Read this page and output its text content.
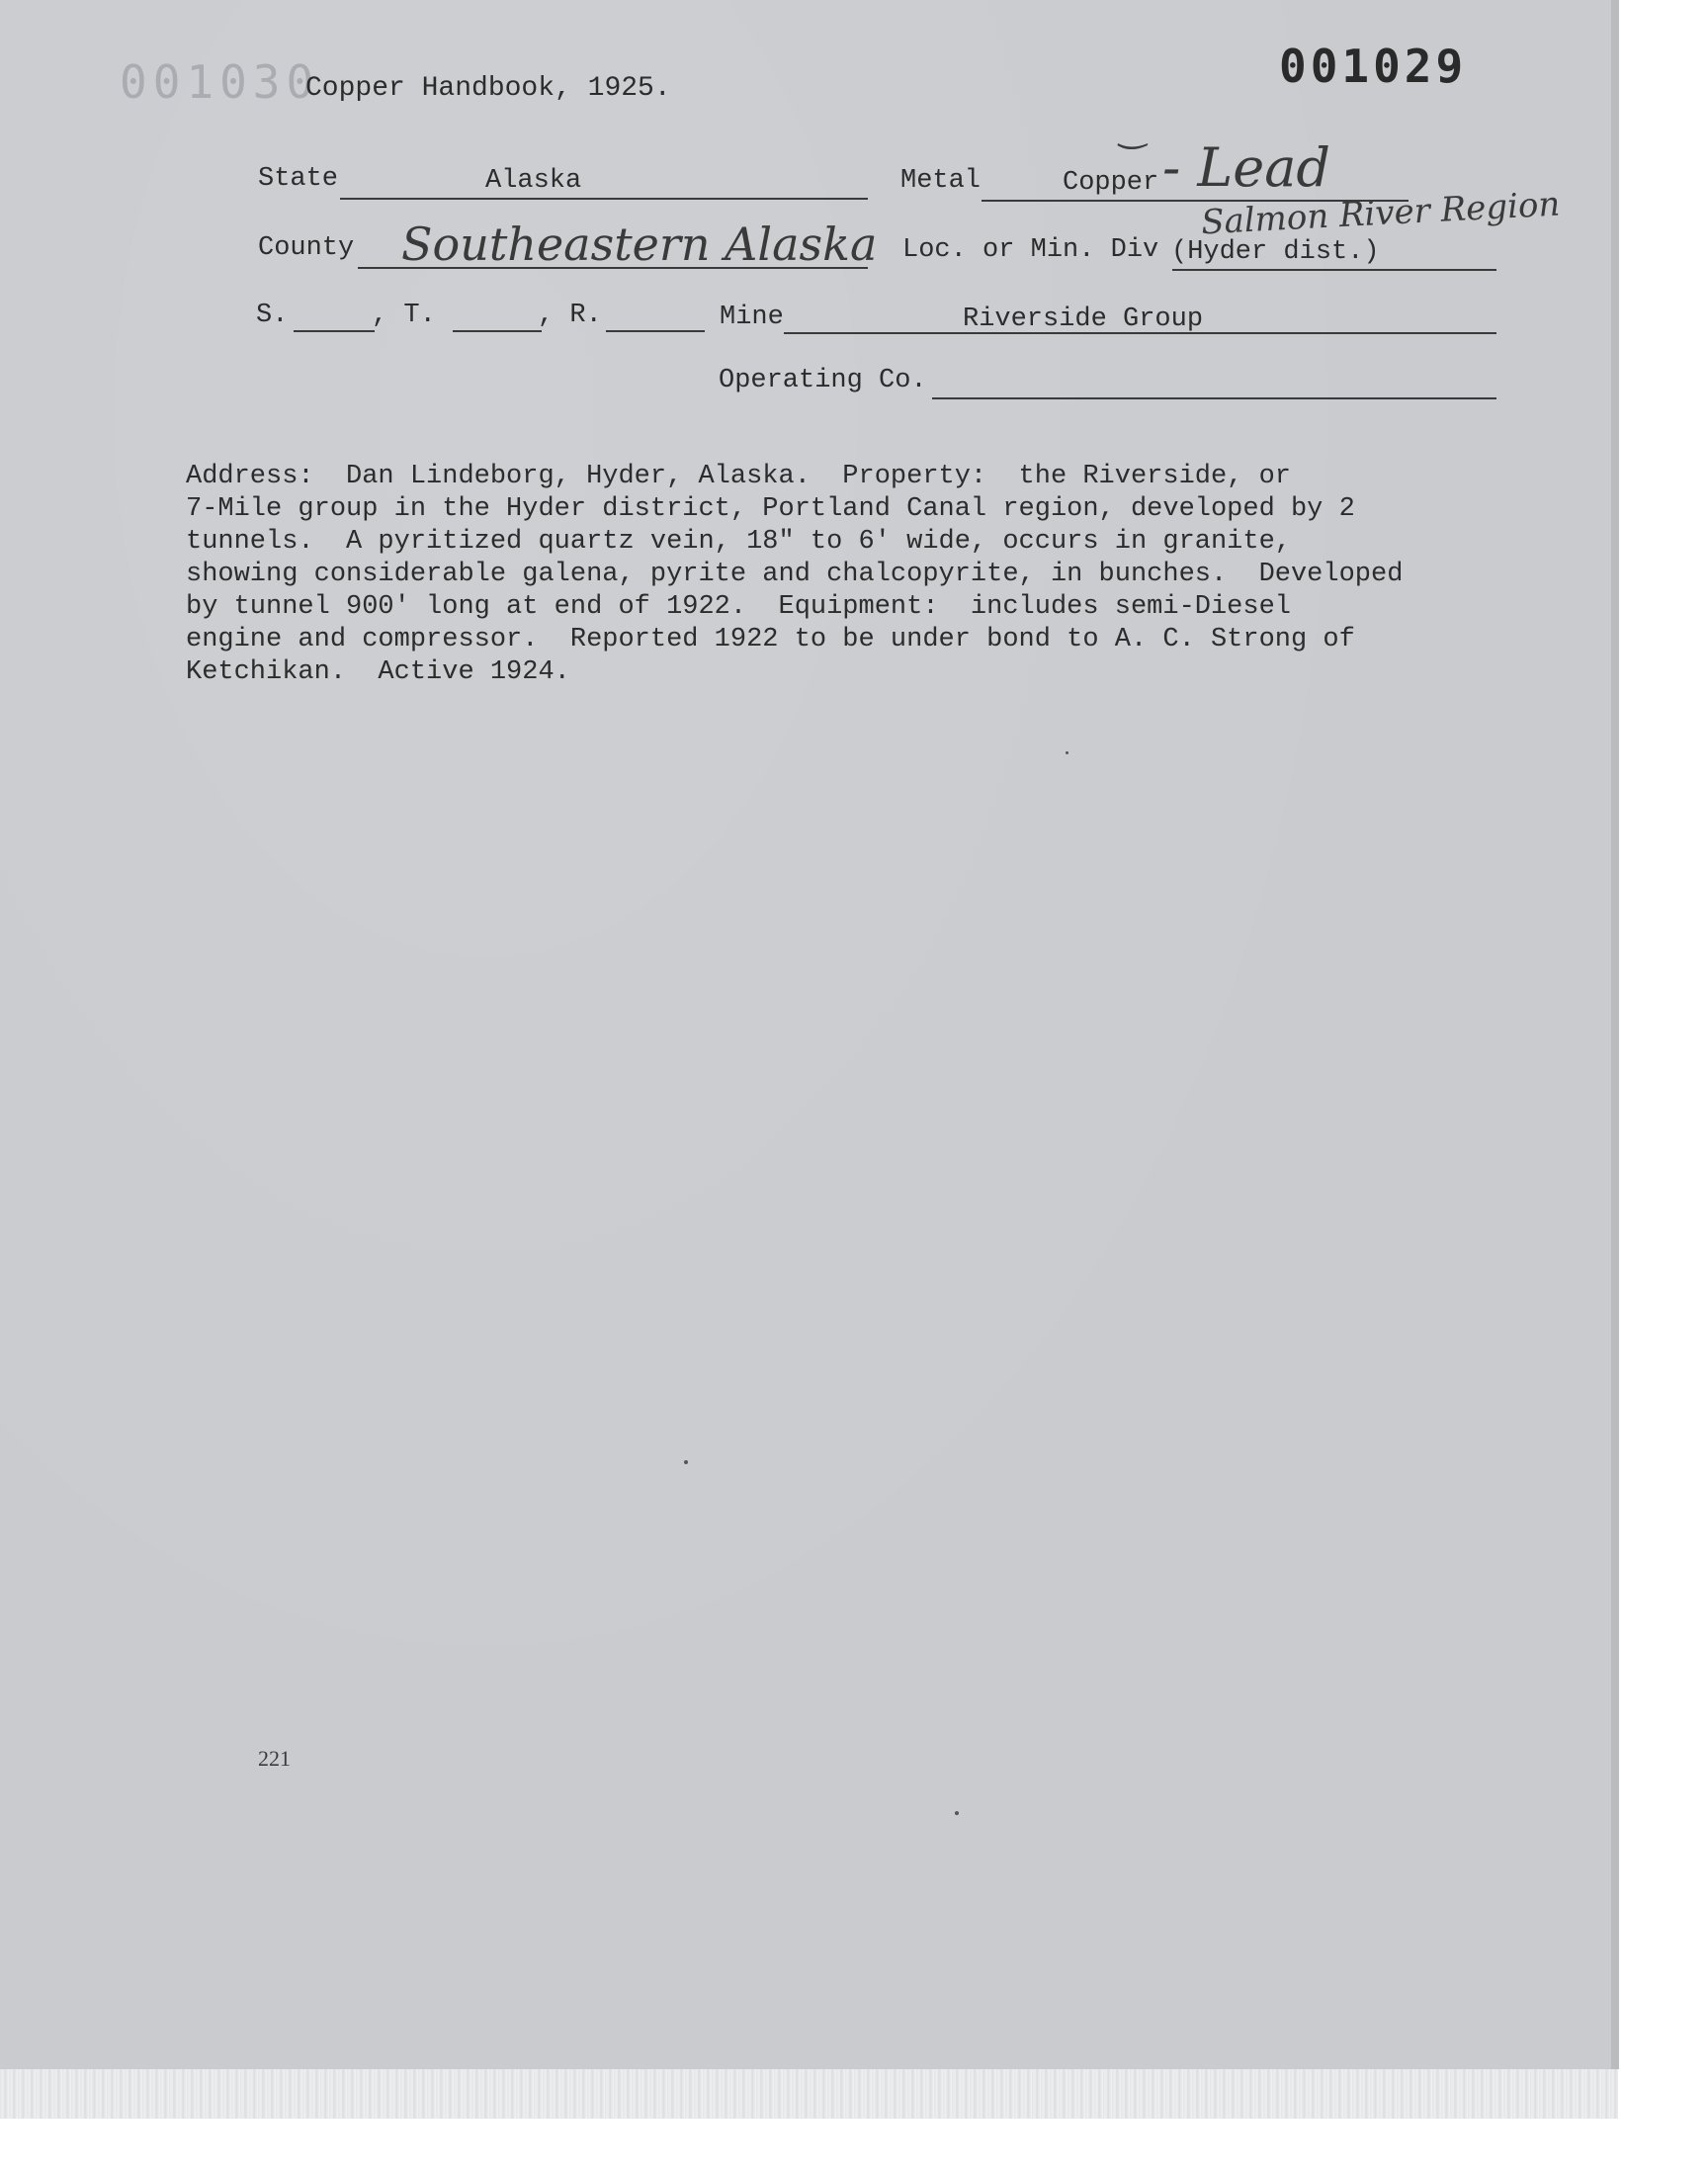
001030	001029
Copper Handbook, 1925.
State	Alaska	Metal	Copper - Lead
‿
County Southeastern Alaska Loc. or Min. Div (Hyder dist.)
Salmon River Region
S.	, T.	, R.	Mine	Riverside Group
Operating Co.
Address:  Dan Lindeborg, Hyder, Alaska.  Property:  the Riverside, or
7-Mile group in the Hyder district, Portland Canal region, developed by 2
tunnels.  A pyritized quartz vein, 18" to 6' wide, occurs in granite,
showing considerable galena, pyrite and chalcopyrite, in bunches.  Developed
by tunnel 900' long at end of 1922.  Equipment:  includes semi-Diesel
engine and compressor.  Reported 1922 to be under bond to A. C. Strong of
Ketchikan.  Active 1924.
221
